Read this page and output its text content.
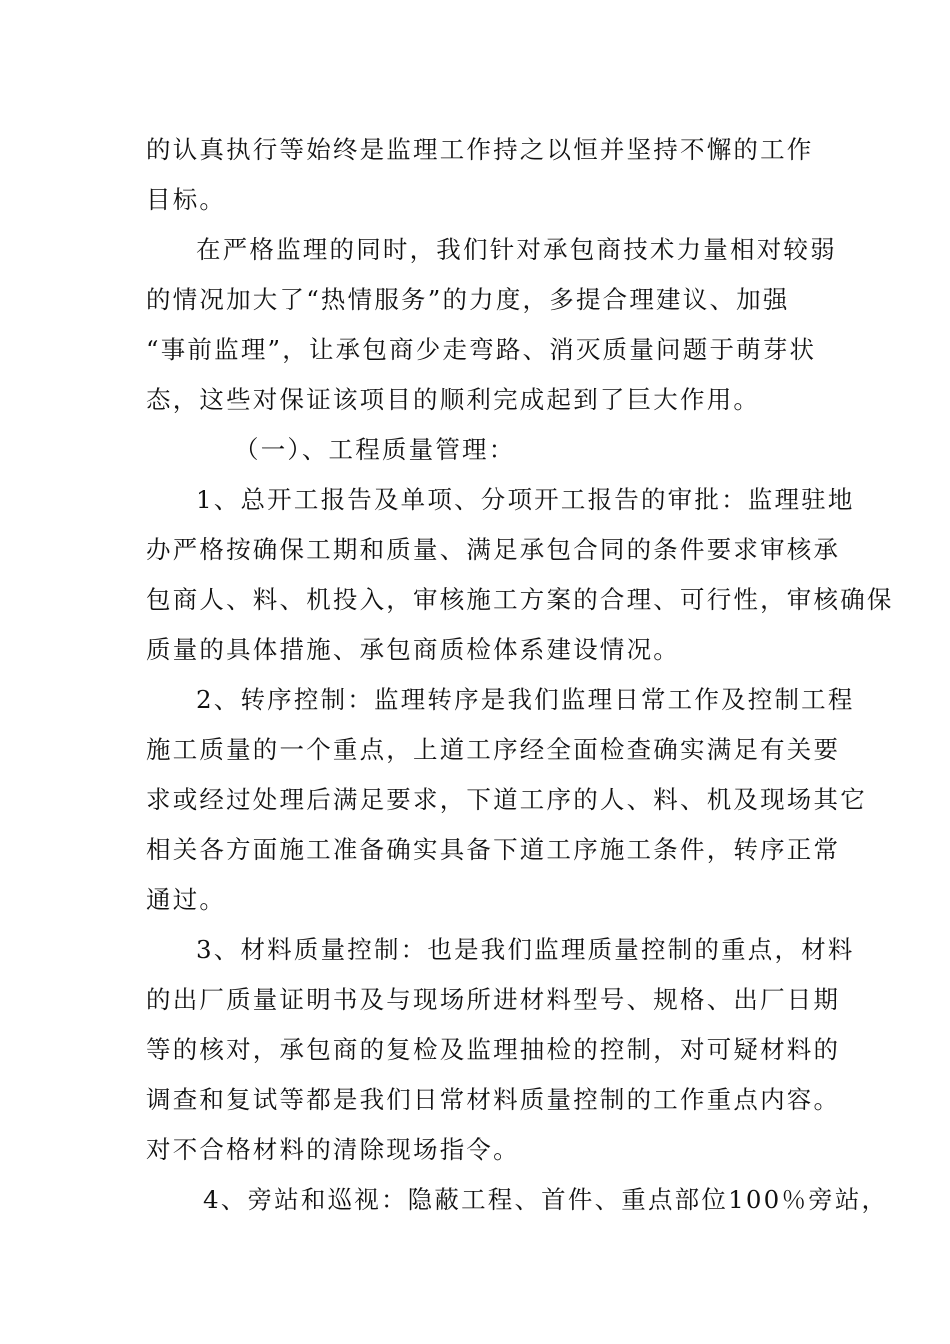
的认真执行等始终是监理工作持之以恒并坚持不懈的工作
目标。
在严格监理的同时，我们针对承包商技术力量相对较弱
的情况加大了“热情服务”的力度，多提合理建议、加强
“事前监理”，让承包商少走弯路、消灭质量问题于萌芽状
态，这些对保证该项目的顺利完成起到了巨大作用。
（一）、工程质量管理：
1、总开工报告及单项、分项开工报告的审批：监理驻地
办严格按确保工期和质量、满足承包合同的条件要求审核承
包商人、料、机投入，审核施工方案的合理、可行性，审核确保
质量的具体措施、承包商质检体系建设情况。
2、转序控制：监理转序是我们监理日常工作及控制工程
施工质量的一个重点，上道工序经全面检查确实满足有关要
求或经过处理后满足要求，下道工序的人、料、机及现场其它
相关各方面施工准备确实具备下道工序施工条件，转序正常
通过。
3、材料质量控制：也是我们监理质量控制的重点，材料
的出厂质量证明书及与现场所进材料型号、规格、出厂日期
等的核对，承包商的复检及监理抽检的控制，对可疑材料的
调查和复试等都是我们日常材料质量控制的工作重点内容。
对不合格材料的清除现场指令。
4、旁站和巡视：隐蔽工程、首件、重点部位100％旁站，
